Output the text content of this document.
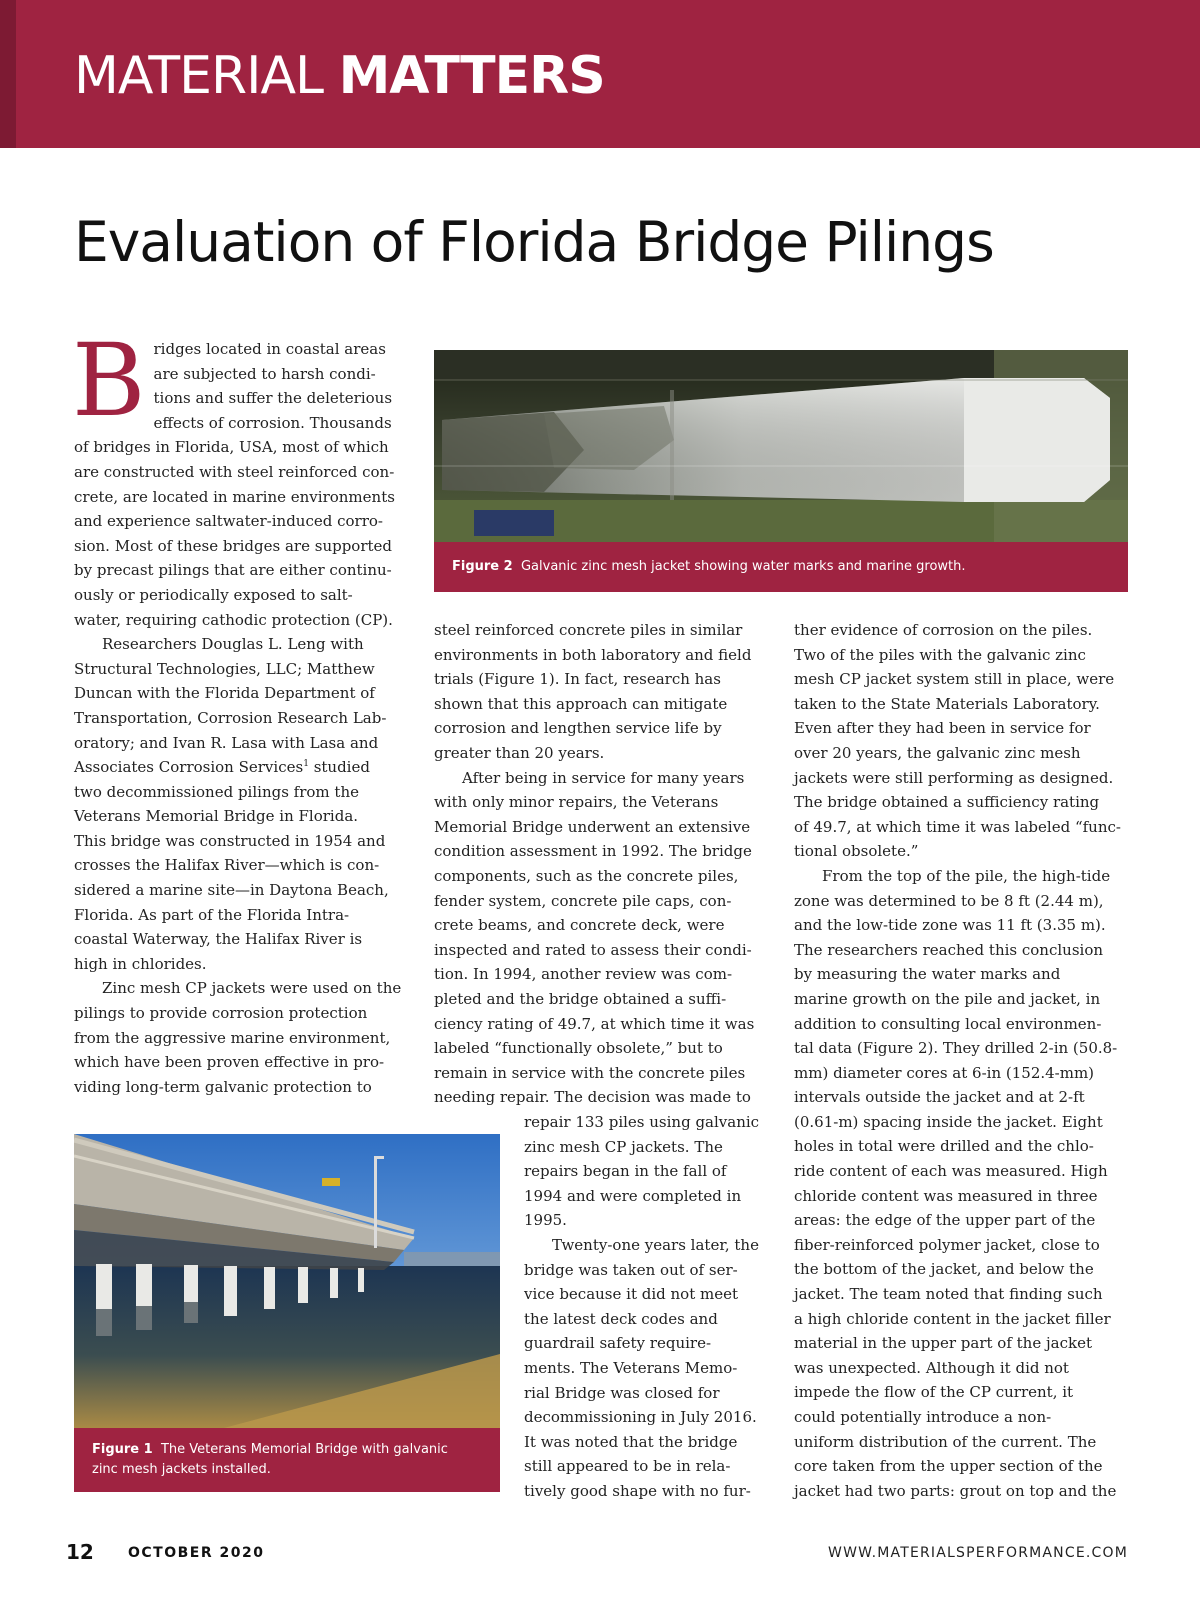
MATERIAL MATTERS
Evaluation of Florida Bridge Pilings

B ridges located in coastal areas
are subjected to harsh condi-
tions and suffer the deleterious
effects of corrosion. Thousands
of bridges in Florida, USA, most of which
are constructed with steel reinforced con-
crete, are located in marine environments
and experience saltwater-induced corro-
sion. Most of these bridges are supported
by precast pilings that are either continu-
ously or periodically exposed to salt-
water, requiring cathodic protection (CP).

Researchers Douglas L. Leng with
Structural Technologies, LLC; Matthew
Duncan with the Florida Department of
Transportation, Corrosion Research Lab-
oratory; and Ivan R. Lasa with Lasa and
Associates Corrosion Services$^1$ studied
two decommissioned pilings from the
Veterans Memorial Bridge in Florida.
This bridge was constructed in 1954 and
crosses the Halifax River—which is con-
sidered a marine site—in Daytona Beach,
Florida. As part of the Florida Intra-
coastal Waterway, the Halifax River is
high in chlorides.

Zinc mesh CP jackets were used on the
pilings to provide corrosion protection
from the aggressive marine environment,
which have been proven effective in pro-
viding long-term galvanic protection to

Figure 2 Galvanic zinc mesh jacket showing water marks and marine growth.

steel reinforced concrete piles in similar
environments in both laboratory and field
trials (Figure 1). In fact, research has
shown that this approach can mitigate
corrosion and lengthen service life by
greater than 20 years.

After being in service for many years
with only minor repairs, the Veterans
Memorial Bridge underwent an extensive
condition assessment in 1992. The bridge
components, such as the concrete piles,
fender system, concrete pile caps, con-
crete beams, and concrete deck, were
inspected and rated to assess their condi-
tion. In 1994, another review was com-
pleted and the bridge obtained a suffi-
ciency rating of 49.7, at which time it was
labeled “functionally obsolete,” but to
remain in service with the concrete piles
needing repair. The decision was made to

repair 133 piles using galvanic
zinc mesh CP jackets. The
repairs began in the fall of
1994 and were completed in
1995.

Twenty-one years later, the
bridge was taken out of ser-
vice because it did not meet
the latest deck codes and
guardrail safety require-
ments. The Veterans Memo-
rial Bridge was closed for
decommissioning in July 2016.
It was noted that the bridge
still appeared to be in rela-
tively good shape with no fur-

ther evidence of corrosion on the piles.
Two of the piles with the galvanic zinc
mesh CP jacket system still in place, were
taken to the State Materials Laboratory.
Even after they had been in service for
over 20 years, the galvanic zinc mesh
jackets were still performing as designed.
The bridge obtained a sufficiency rating
of 49.7, at which time it was labeled “func-
tional obsolete.”

From the top of the pile, the high-tide
zone was determined to be 8 ft (2.44 m),
and the low-tide zone was 11 ft (3.35 m).
The researchers reached this conclusion
by measuring the water marks and
marine growth on the pile and jacket, in
addition to consulting local environmen-
tal data (Figure 2). They drilled 2-in (50.8-
mm) diameter cores at 6-in (152.4-mm)
intervals outside the jacket and at 2-ft
(0.61-m) spacing inside the jacket. Eight
holes in total were drilled and the chlo-
ride content of each was measured. High
chloride content was measured in three
areas: the edge of the upper part of the
fiber-reinforced polymer jacket, close to
the bottom of the jacket, and below the
jacket. The team noted that finding such
a high chloride content in the jacket filler
material in the upper part of the jacket
was unexpected. Although it did not
impede the flow of the CP current, it
could potentially introduce a non-
uniform distribution of the current. The
core taken from the upper section of the
jacket had two parts: grout on top and the

Figure 1 The Veterans Memorial Bridge with galvanic
zinc mesh jackets installed.
12 OCTOBER 2020	WWW.MATERIALSPERFORMANCE.COM
